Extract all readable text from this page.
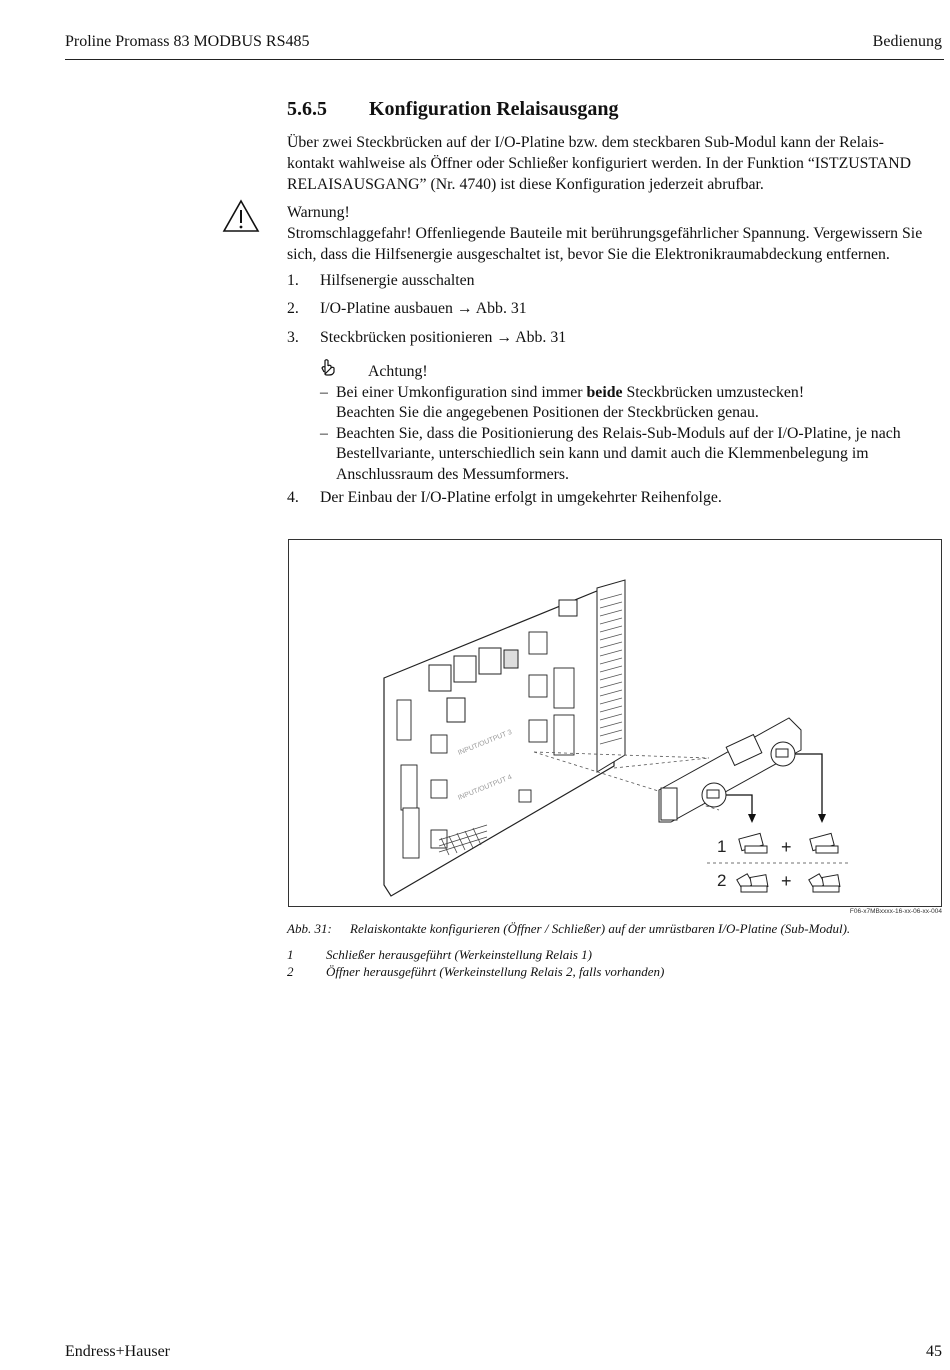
Proline Promass 83 MODBUS RS485	Bedienung
5.6.5 Konfiguration Relaisausgang

Über zwei Steckbrücken auf der I/O-Platine bzw. dem steckbaren Sub-Modul kann der Relais-

kontakt wahlweise als Öffner oder Schließer konfiguriert werden. In der Funktion “ISTZUSTAND

RELAISAUSGANG” (Nr. 4740) ist diese Konfiguration jederzeit abrufbar.

Warnung!

Stromschlaggefahr! Offenliegende Bauteile mit berührungsgefährlicher Spannung. Vergewissern Sie

sich, dass die Hilfsenergie ausgeschaltet ist, bevor Sie die Elektronikraumabdeckung entfernen.

1. Hilfsenergie ausschalten
2. I/O-Platine ausbauen → Abb. 31
3. Steckbrücken positionieren → Abb. 31
Achtung!
– Bei einer Umkonfiguration sind immer beide Steckbrücken umzustecken!
Beachten Sie die angegebenen Positionen der Steckbrücken genau.
– Beachten Sie, dass die Positionierung des Relais-Sub-Moduls auf der I/O-Platine, je nach
Bestellvariante, unterschiedlich sein kann und damit auch die Klemmenbelegung im
Anschlussraum des Messumformers.
4. Der Einbau der I/O-Platine erfolgt in umgekehrter Reihenfolge.
INPUT/OUTPUT 3
INPUT/OUTPUT 4
1	+
2	+
F06-x7MBxxxx-16-xx-06-xx-004
Abb. 31: Relaiskontakte konfigurieren (Öffner / Schließer) auf der umrüstbaren I/O-Platine (Sub-Modul).
1	Schließer herausgeführt (Werkeinstellung Relais 1)
2	Öffner herausgeführt (Werkeinstellung Relais 2, falls vorhanden)
Endress+Hauser	45
